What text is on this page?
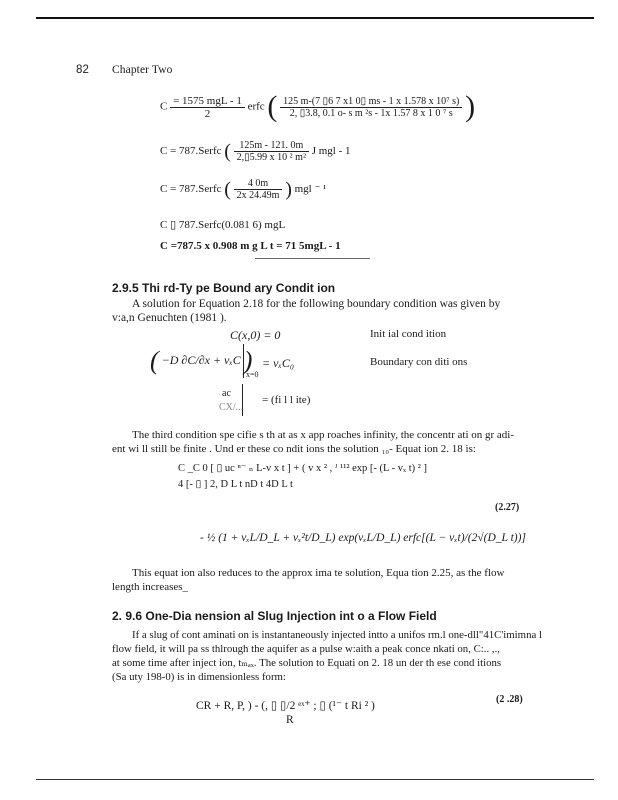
82 Chapter Two
C $\frac{\text{= 1575 mgL - 1}}{2}$ erfc ( $\frac{\text{125 m-(7 ▯6 7 x1 0▯ ms - 1 x 1.578 x 10⁷ s)}}{\text{2, ▯3.8, 0.1 o- s m ²s - 1x 1.57 8 x 1 0 ⁷ s}}$ )
C = 787.Serfc ( $\frac{125m - 121. 0m}{\text{2,▯5.99 x 10 ² m²}}$ J mgl - 1
C = 787.Serfc ( $\frac{4 0m}{2x 24.49m}$ ) mgl ⁻ ¹
C ▯ 787.Serfc(0.081 6) mgL
C =787.5 x 0.908 m g L t = 71 5mgL - 1
2.9.5 Thi rd-Ty pe Bound ary Condit ion
A solution for Equation 2.18 for the following boundary condition was given by
v:a,n Genuchten (1981 ).
C(x,0) = 0	Init ial cond ition
( −D ∂C/∂x + vₓC )
x=0
= vₓC₀	Boundary con diti ons
ac
CX/...
= (fi l l ite)
The third condition spe cifie s th at as x app roaches infinity, the concentr ati on gr adi-
ent wi ll still be finite . Und er these co ndit ions the solution ₁₀- Equat ion 2. 18 is:
C _C 0 [ ▯ uc ⁿ⁻ ₙ L-v x t ] + ( v x ² , ᴶ ¹¹² exp [- (L - vₓ t) ² ]
4 [- ▯ ] 2, D L t nD t 4D L t
(2.27)
- ½ (1 + vₓL/D_L + vₓ²t/D_L) exp(vₓL/D_L) erfc[(L − vₓt)/(2√(D_L t))]
This equat ion also reduces to the approx ima te solution, Equa tion 2.25, as the flow
length increases_
2. 9.6 One-Dia nension al Slug Injection int o a Flow Field
If a slug of cont aminati on is instantaneously injected intto a unifos rm.l one-dll"41C'imimna l
flow field, it will pa ss thlrough the aquifer as a pulse w:aith a peak conce nkati on, C:.. ,.,
at some time after inject ion, tₘₐₓ. The solution to Equati on 2. 18 un der th ese cond itions
(Sa uty 198-0) is in dimensionless form:
CR + R, P, ) - (, ▯ ▯/2 ᵉˣ⁺ ; ▯ (¹⁻ t Ri ² )
R
(2 .28)
